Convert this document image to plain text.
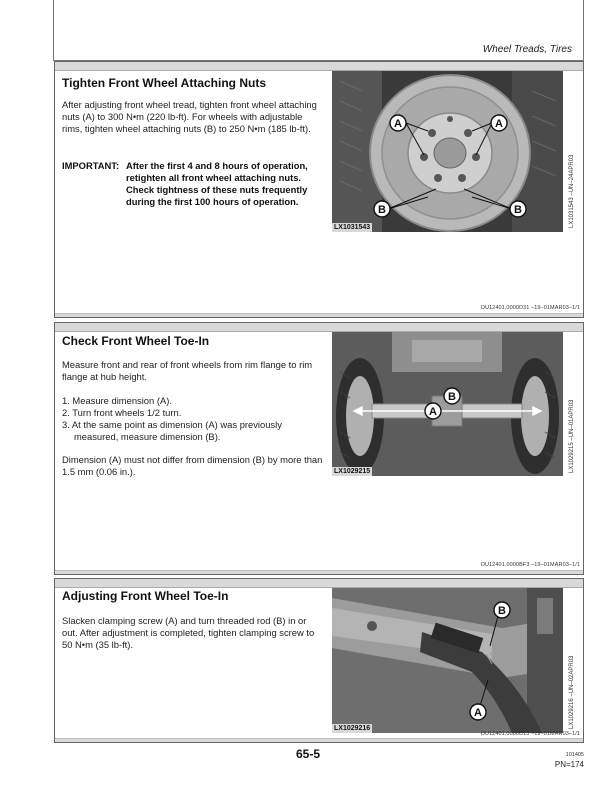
Wheel Treads, Tires
Tighten Front Wheel Attaching Nuts
After adjusting front wheel tread, tighten front wheel attaching nuts (A) to 300 N•m (220 lb-ft). For wheels with adjustable rims, tighten wheel attaching nuts (B) to 250 N•m (185 lb-ft).
IMPORTANT: After the first 4 and 8 hours of operation, retighten all front wheel attaching nuts. Check tightness of these nuts frequently during the first 100 hours of operation.
A	A
B	B
LX1031543	LX1031543 –UN–24APR03
OU12401,0000D31 –19–01MAR03–1/1
Check Front Wheel Toe-In
Measure front and rear of front wheels from rim flange to rim flange at hub height.
1. Measure dimension (A).
2. Turn front wheels 1/2 turn.
3. At the same point as dimension (A) was previously measured, measure dimension (B).
Dimension (A) must not differ from dimension (B) by more than 1.5 mm (0.06 in.).
B
A
LX1029215	LX1029215 –UN–01APR03
OU12401,0000BF3 –19–01MAR03–1/1
Adjusting Front Wheel Toe-In
Slacken clamping screw (A) and turn threaded rod (B) in or out. After adjustment is completed, tighten clamping screw to 50 N•m (35 lb-ft).
B
A
LX1029216	LX1029216 –UN–02APR03
OU12401,0000D13 –19–01MAR03–1/1
65-5	101405
PN=174
